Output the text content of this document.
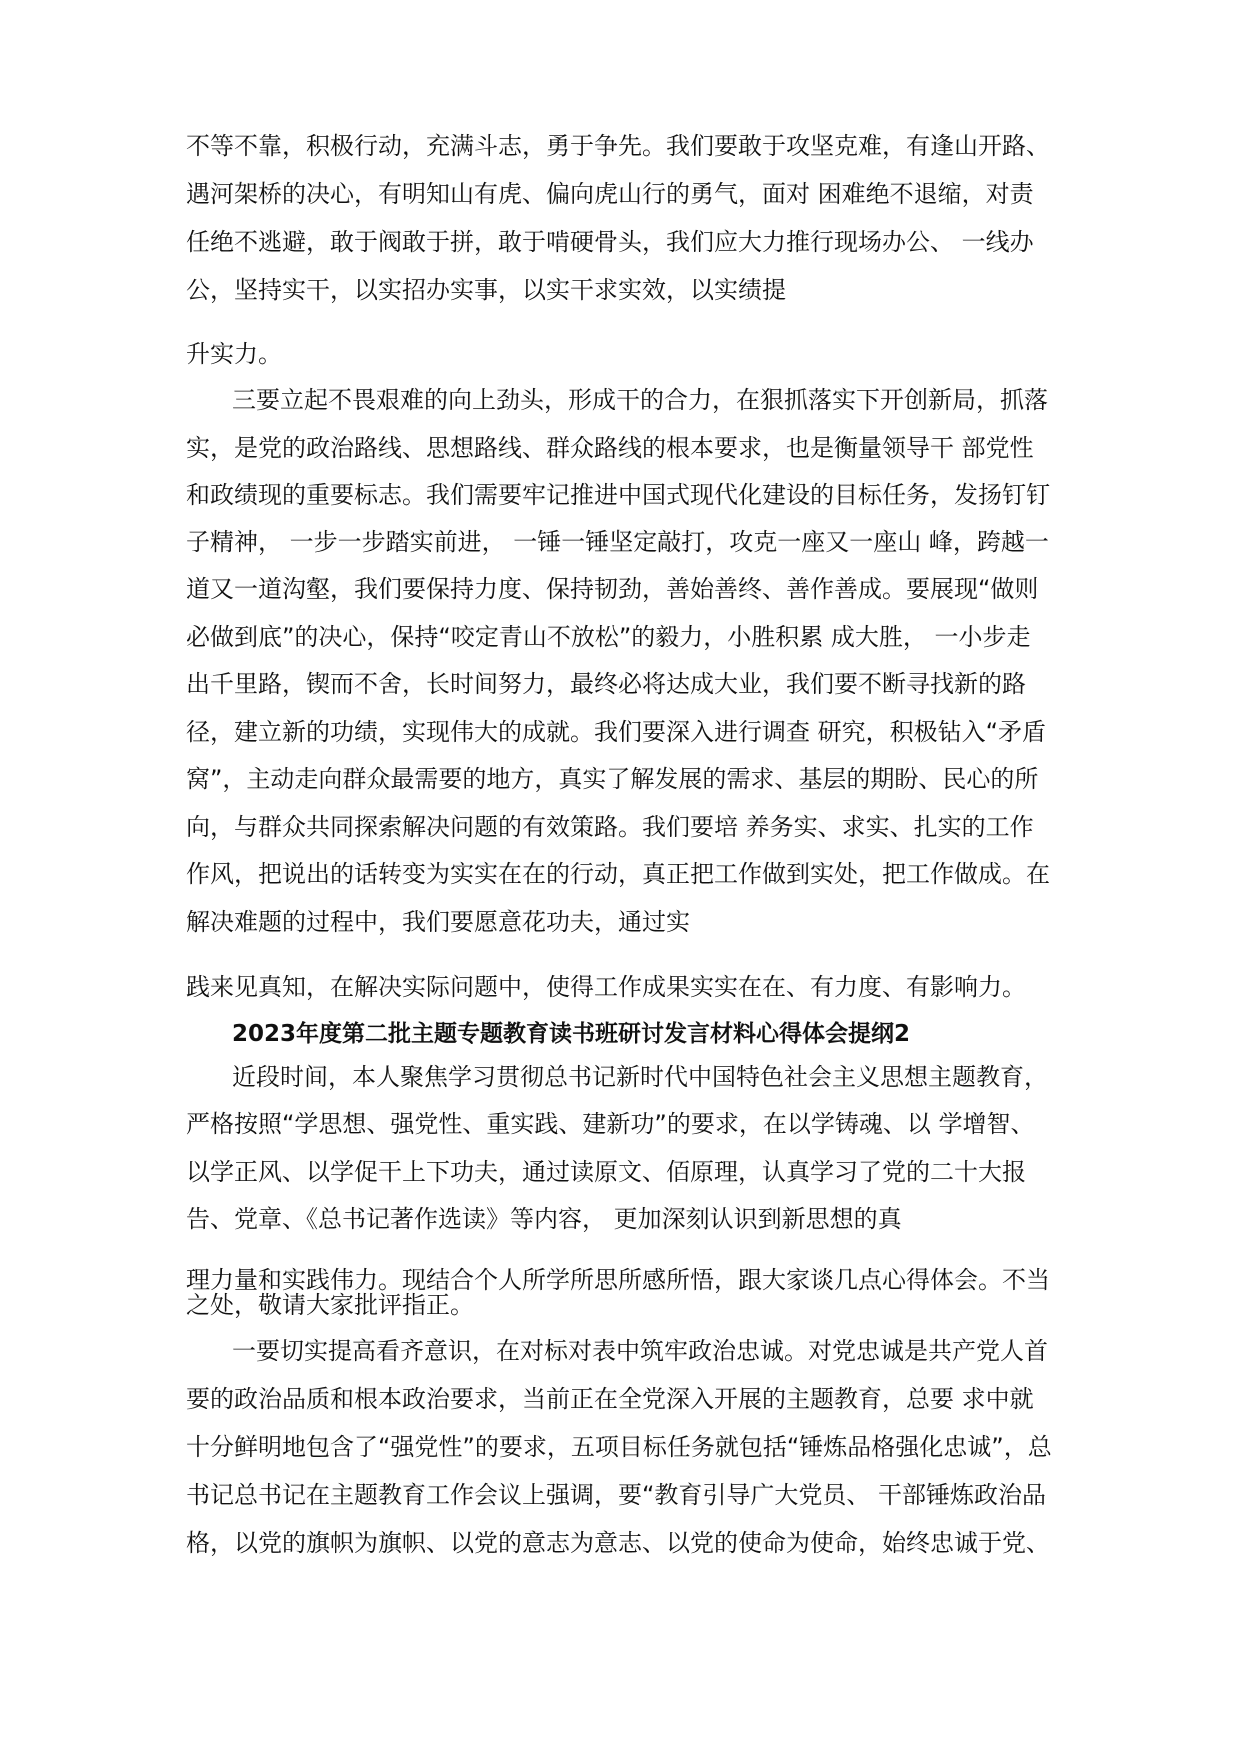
不等不靠，积极行动，充满斗志，勇于争先。我们要敢于攻坚克难，有逢山开路、
遇河架桥的决心，有明知山有虎、偏向虎山行的勇气，面对 困难绝不退缩，对责
任绝不逃避，敢于阀敢于拼，敢于啃硬骨头，我们应大力推行现场办公、 一线办
公，坚持实干，以实招办实事，以实干求实效，以实绩提
升实力。
三要立起不畏艰难的向上劲头，形成干的合力，在狠抓落实下开创新局，抓落
实，是党的政治路线、思想路线、群众路线的根本要求，也是衡量领导干 部党性
和政绩现的重要标志。我们需要牢记推进中国式现代化建设的目标任务，发扬钉钉
子精神， 一步一步踏实前进， 一锤一锤坚定敲打，攻克一座又一座山 峰，跨越一
道又一道沟壑，我们要保持力度、保持韧劲，善始善终、善作善成。要展现“做则
必做到底”的决心，保持“咬定青山不放松”的毅力，小胜积累 成大胜， 一小步走
出千里路，锲而不舍，长时间努力，最终必将达成大业，我们要不断寻找新的路
径，建立新的功绩，实现伟大的成就。我们要深入进行调查 研究，积极钻入“矛盾
窝”，主动走向群众最需要的地方，真实了解发展的需求、基层的期盼、民心的所
向，与群众共同探索解决问题的有效策路。我们要培 养务实、求实、扎实的工作
作风，把说出的话转变为实实在在的行动，真正把工作做到实处，把工作做成。在
解决难题的过程中，我们要愿意花功夫，通过实
践来见真知，在解决实际问题中，使得工作成果实实在在、有力度、有影响力。
2023年度第二批主题专题教育读书班研讨发言材料心得体会提纲2
近段时间，本人聚焦学习贯彻总书记新时代中国特色社会主义思想主题教育，
严格按照“学思想、强党性、重实践、建新功”的要求，在以学铸魂、以 学增智、
以学正风、以学促干上下功夫，通过读原文、佰原理，认真学习了党的二十大报
告、党章、《总书记著作选读》等内容， 更加深刻认识到新思想的真
理力量和实践伟力。现结合个人所学所思所感所悟，跟大家谈几点心得体会。不当
之处，敬请大家批评指正。
一要切实提高看齐意识，在对标对表中筑牢政治忠诚。对党忠诚是共产党人首
要的政治品质和根本政治要求，当前正在全党深入开展的主题教育，总要 求中就
十分鲜明地包含了“强党性”的要求，五项目标任务就包括“锤炼品格强化忠诚”，总
书记总书记在主题教育工作会议上强调，要“教育引导广大党员、 干部锤炼政治品
格，以党的旗帜为旗帜、以党的意志为意志、以党的使命为使命，始终忠诚于党、
